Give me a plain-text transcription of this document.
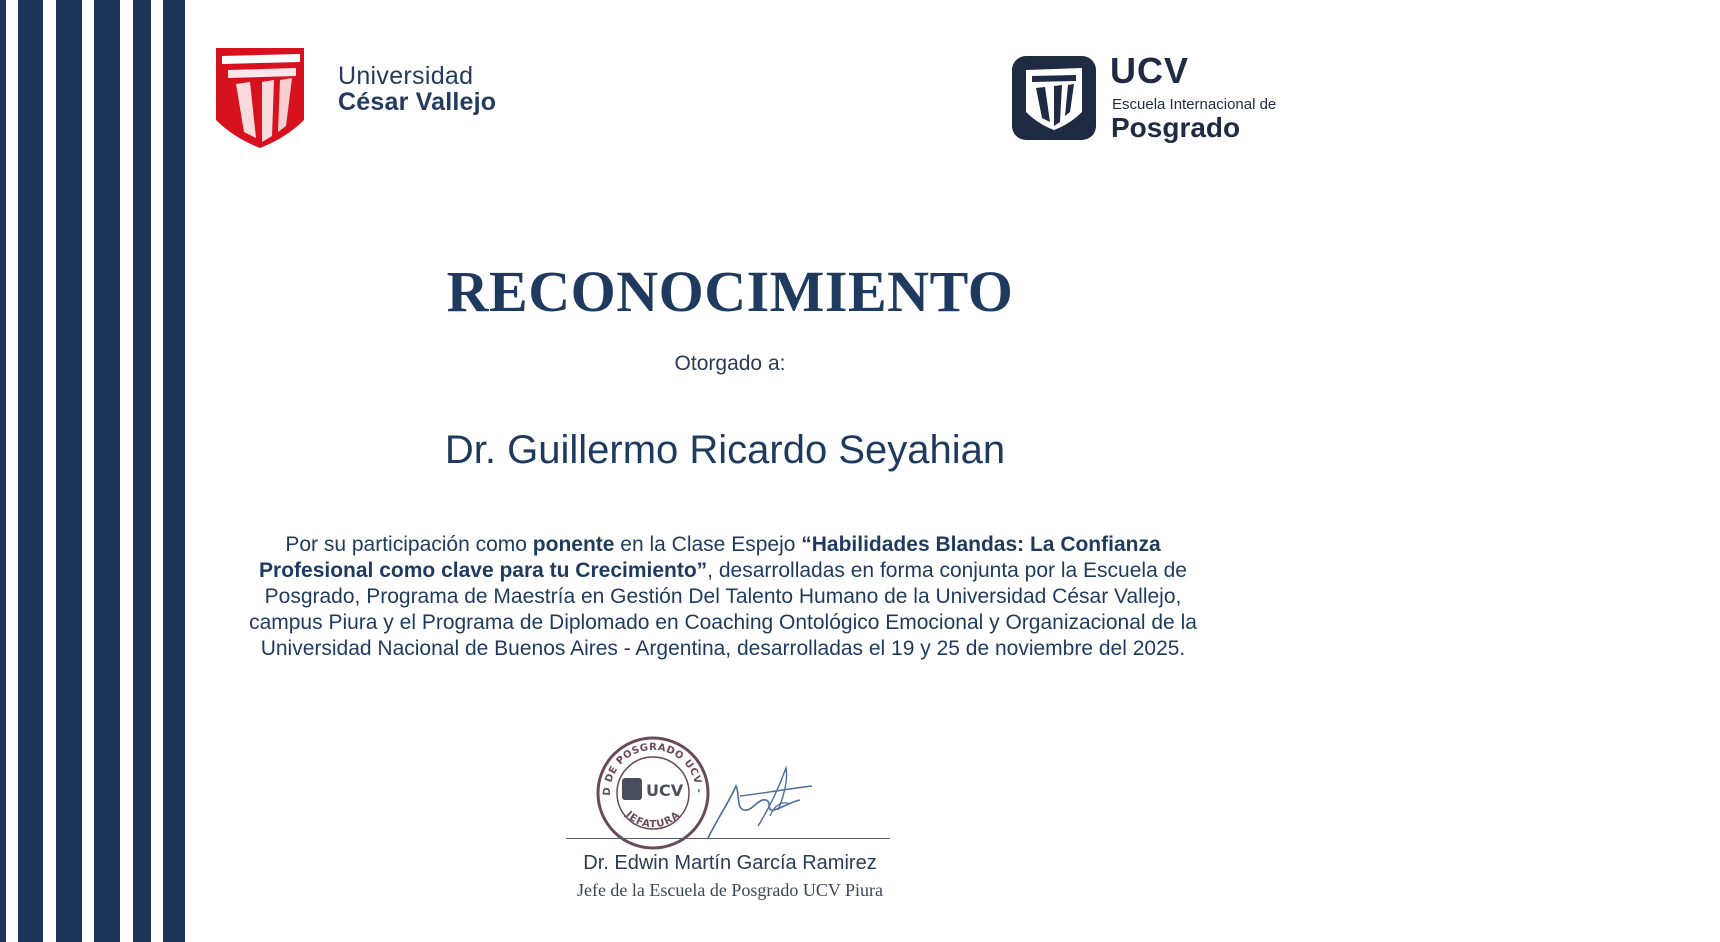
Universidad
César Vallejo
UCV
Escuela Internacional de
Posgrado
RECONOCIMIENTO
Otorgado a:
Dr. Guillermo Ricardo Seyahian
Por su participación como ponente en la Clase Espejo “Habilidades Blandas: La Confianza Profesional como clave para tu Crecimiento”, desarrolladas en forma conjunta por la Escuela de Posgrado, Programa de Maestría en Gestión Del Talento Humano de la Universidad César Vallejo, campus Piura y el Programa de Diplomado en Coaching Ontológico Emocional y Organizacional de la Universidad Nacional de Buenos Aires - Argentina, desarrolladas el 19 y 25 de noviembre del 2025.
D DE POSGRADO UCV -
JEFATURA
UCV
Dr. Edwin Martín García Ramirez
Jefe de la Escuela de Posgrado UCV Piura
